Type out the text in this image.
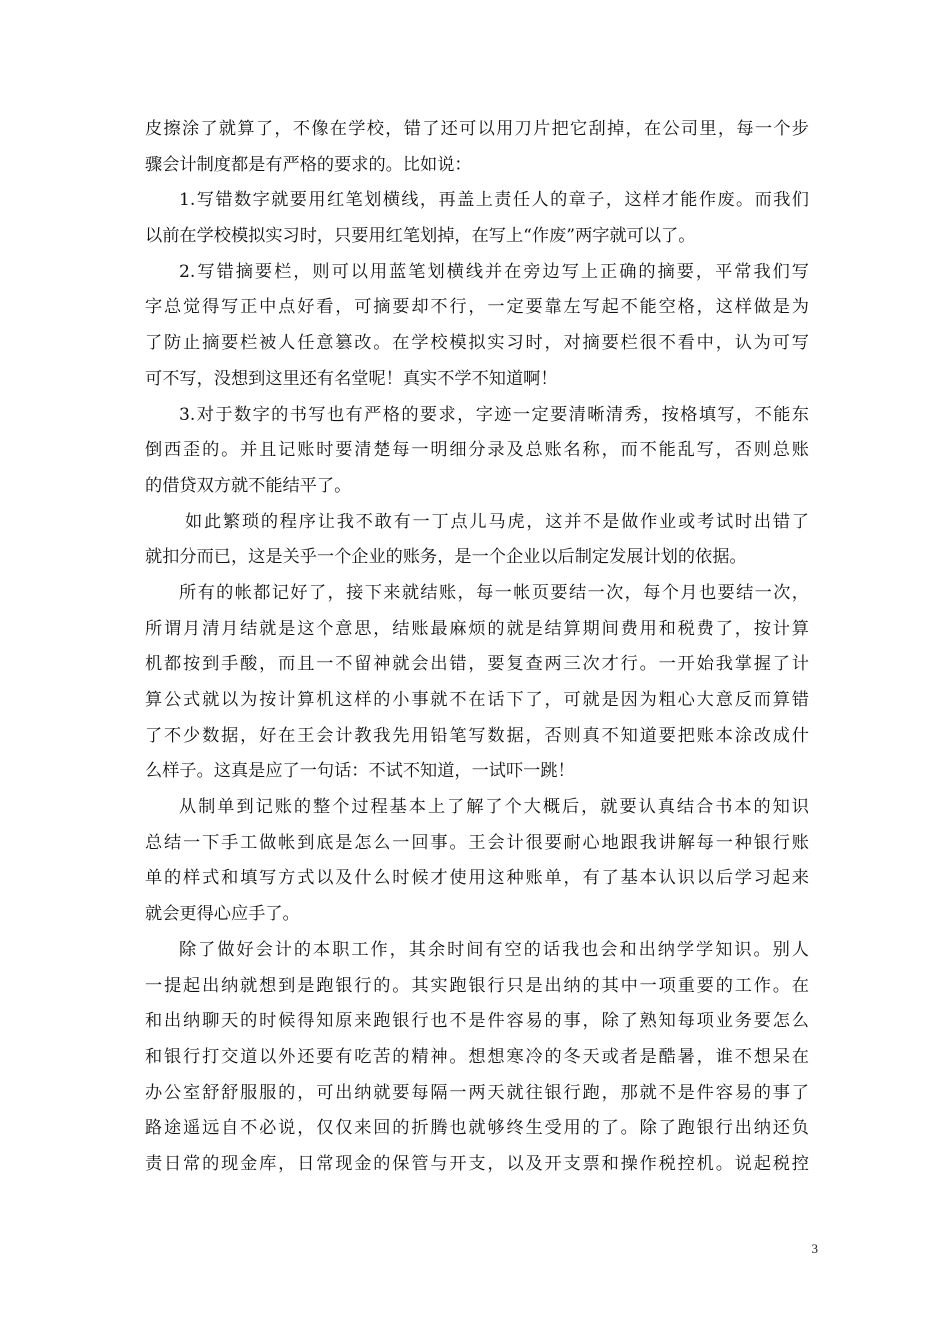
皮擦涂了就算了，不像在学校，错了还可以用刀片把它刮掉，在公司里，每一个步
骤会计制度都是有严格的要求的。比如说：
1.写错数字就要用红笔划横线，再盖上责任人的章子，这样才能作废。而我们
以前在学校模拟实习时，只要用红笔划掉，在写上“作废”两字就可以了。
2.写错摘要栏，则可以用蓝笔划横线并在旁边写上正确的摘要，平常我们写
字总觉得写正中点好看，可摘要却不行，一定要靠左写起不能空格，这样做是为
了防止摘要栏被人任意篡改。在学校模拟实习时，对摘要栏很不看中，认为可写
可不写，没想到这里还有名堂呢！真实不学不知道啊！
3.对于数字的书写也有严格的要求，字迹一定要清晰清秀，按格填写，不能东
倒西歪的。并且记账时要清楚每一明细分录及总账名称，而不能乱写，否则总账
的借贷双方就不能结平了。
如此繁琐的程序让我不敢有一丁点儿马虎，这并不是做作业或考试时出错了
就扣分而已，这是关乎一个企业的账务，是一个企业以后制定发展计划的依据。
所有的帐都记好了，接下来就结账，每一帐页要结一次，每个月也要结一次，
所谓月清月结就是这个意思，结账最麻烦的就是结算期间费用和税费了，按计算
机都按到手酸，而且一不留神就会出错，要复查两三次才行。一开始我掌握了计
算公式就以为按计算机这样的小事就不在话下了，可就是因为粗心大意反而算错
了不少数据，好在王会计教我先用铅笔写数据，否则真不知道要把账本涂改成什
么样子。这真是应了一句话：不试不知道，一试吓一跳！
从制单到记账的整个过程基本上了解了个大概后，就要认真结合书本的知识
总结一下手工做帐到底是怎么一回事。王会计很要耐心地跟我讲解每一种银行账
单的样式和填写方式以及什么时候才使用这种账单，有了基本认识以后学习起来
就会更得心应手了。
除了做好会计的本职工作，其余时间有空的话我也会和出纳学学知识。别人
一提起出纳就想到是跑银行的。其实跑银行只是出纳的其中一项重要的工作。在
和出纳聊天的时候得知原来跑银行也不是件容易的事，除了熟知每项业务要怎么
和银行打交道以外还要有吃苦的精神。想想寒冷的冬天或者是酷暑，谁不想呆在
办公室舒舒服服的，可出纳就要每隔一两天就往银行跑，那就不是件容易的事了
路途遥远自不必说，仅仅来回的折腾也就够终生受用的了。除了跑银行出纳还负
责日常的现金库，日常现金的保管与开支，以及开支票和操作税控机。说起税控
3
